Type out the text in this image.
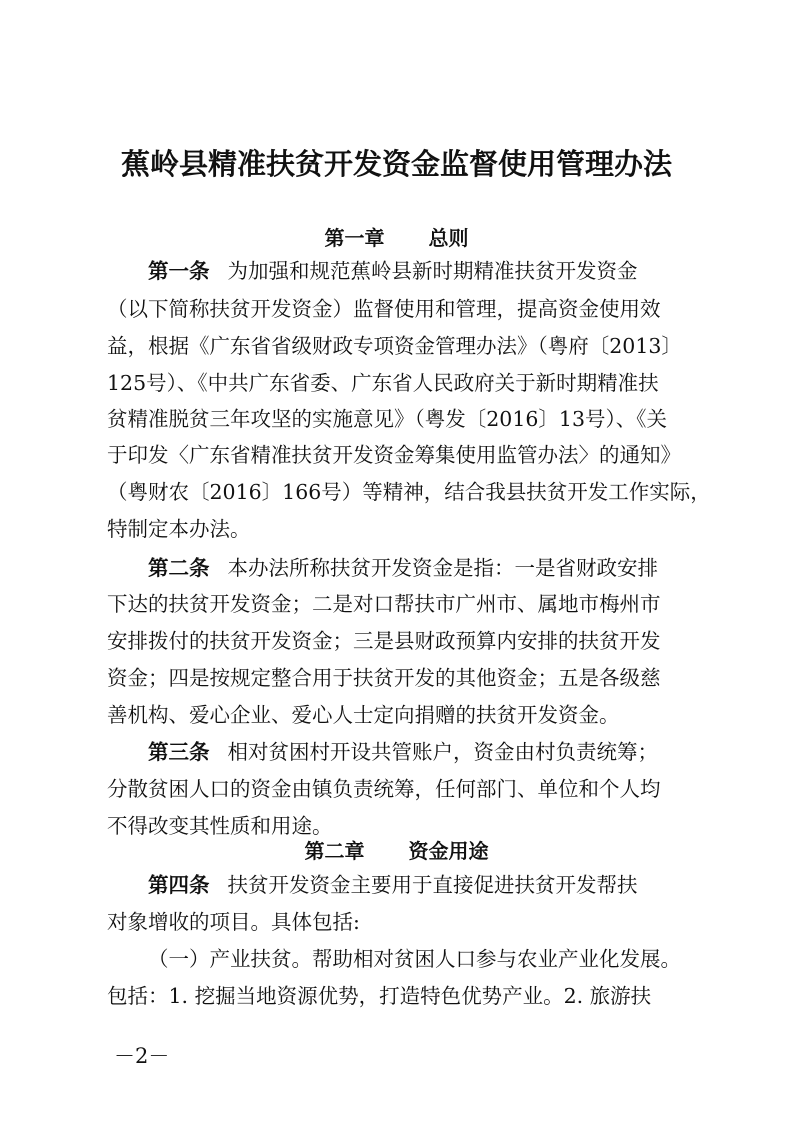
蕉岭县精准扶贫开发资金监督使用管理办法
第一章 总则

第一条 为加强和规范蕉岭县新时期精准扶贫开发资金

（以下简称扶贫开发资金）监督使用和管理，提高资金使用效

益，根据《广东省省级财政专项资金管理办法》（粤府〔2013〕

125号）、《中共广东省委、广东省人民政府关于新时期精准扶

贫精准脱贫三年攻坚的实施意见》（粤发〔2016〕13号）、《关

于印发〈广东省精准扶贫开发资金筹集使用监管办法〉的通知》

（粤财农〔2016〕166号）等精神，结合我县扶贫开发工作实际，

特制定本办法。

第二条 本办法所称扶贫开发资金是指：一是省财政安排

下达的扶贫开发资金；二是对口帮扶市广州市、属地市梅州市

安排拨付的扶贫开发资金；三是县财政预算内安排的扶贫开发

资金；四是按规定整合用于扶贫开发的其他资金；五是各级慈

善机构、爱心企业、爱心人士定向捐赠的扶贫开发资金。

第三条 相对贫困村开设共管账户，资金由村负责统筹；

分散贫困人口的资金由镇负责统筹，任何部门、单位和个人均

不得改变其性质和用途。

第二章 资金用途

第四条 扶贫开发资金主要用于直接促进扶贫开发帮扶

对象增收的项目。具体包括:

（一）产业扶贫。帮助相对贫困人口参与农业产业化发展。

包括：1. 挖掘当地资源优势，打造特色优势产业。2. 旅游扶

－2－
